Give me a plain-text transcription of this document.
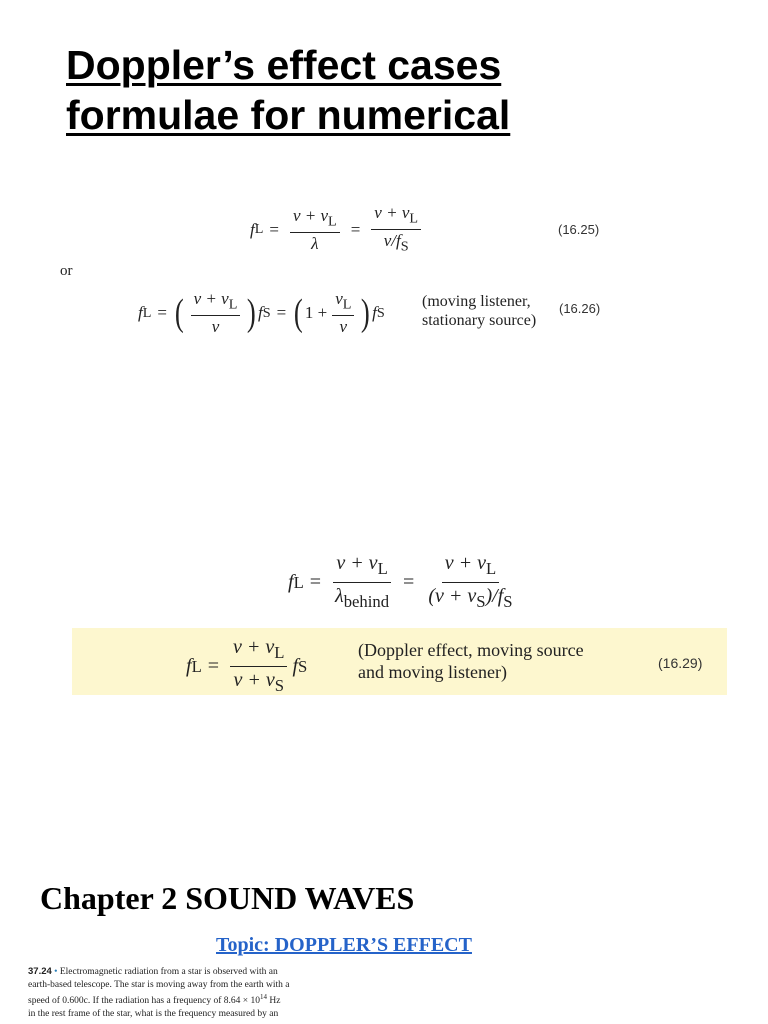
Doppler’s effect cases formulae for numerical
f $L = \frac{v + v_L}{\lambda} = \frac{v + v_L}{v/f_S}$	(16.25)
or
f L = ( $\frac{v + v_L}{v}$ ) f S = ( $1 + \frac{v_L}{v}$ ) f S
(moving listener,
stationary source)
(16.26)
f $L = \frac{v + v_L}{\lambda_{behind}} = \frac{v + v_L}{(v + v_S)/f_S}$
f $L = \frac{v + v_L}{v + v_S}$ f S
(Doppler effect, moving source
and moving listener)	(16.29)
Chapter 2 SOUND WAVES
Topic: DOPPLER’S EFFECT
37.24 • Electromagnetic radiation from a star is observed with an
earth-based telescope. The star is moving away from the earth with a
speed of 0.600c. If the radiation has a frequency of $8.64 \times 10^{14}$ Hz
in the rest frame of the star, what is the frequency measured by an
